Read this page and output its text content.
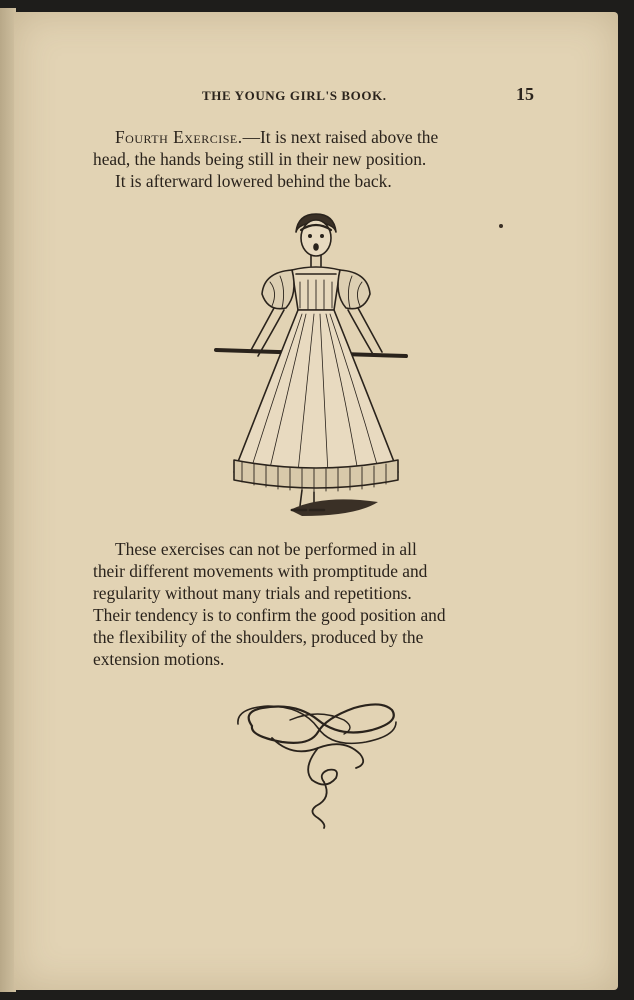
THE YOUNG GIRL'S BOOK.	15
Fourth Exercise.—It is next raised above the
head, the hands being still in their new position.
It is afterward lowered behind the back.
These exercises can not be performed in all
their different movements with promptitude and
regularity without many trials and repetitions.
Their tendency is to confirm the good position and
the flexibility of the shoulders, produced by the
extension motions.
